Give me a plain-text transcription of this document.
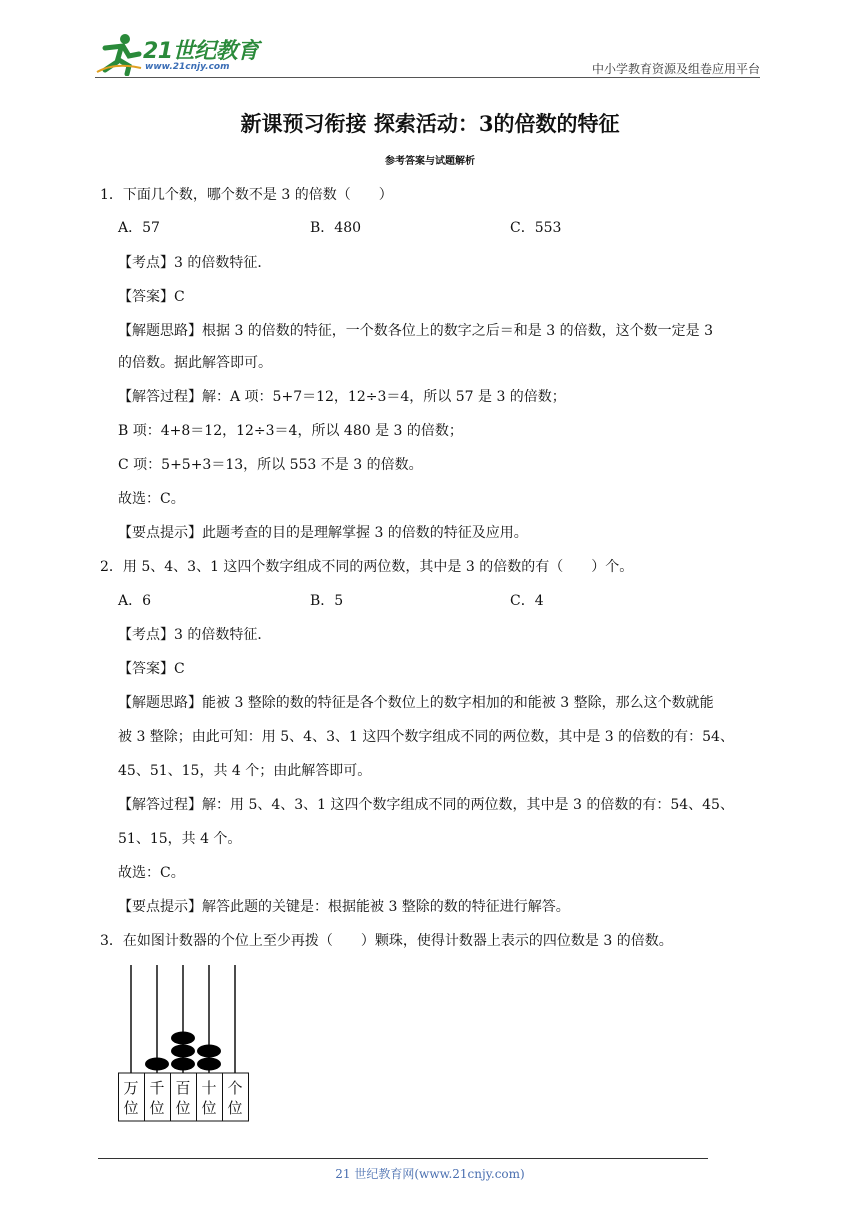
21世纪教育
www.21cnjy.com	中小学教育资源及组卷应用平台
新课预习衔接 探索活动：3的倍数的特征
参考答案与试题解析
1．下面几个数，哪个数不是 3 的倍数（　　）
A．57	B．480	C．553
【考点】3 的倍数特征．
【答案】C
【解题思路】根据 3 的倍数的特征，一个数各位上的数字之后＝和是 3 的倍数，这个数一定是 3
的倍数。据此解答即可。
【解答过程】解：A 项：5+7＝12，12÷3＝4，所以 57 是 3 的倍数；
B 项：4+8＝12，12÷3＝4，所以 480 是 3 的倍数；
C 项：5+5+3＝13，所以 553 不是 3 的倍数。
故选：C。
【要点提示】此题考查的目的是理解掌握 3 的倍数的特征及应用。
2．用 5、4、3、1 这四个数字组成不同的两位数，其中是 3 的倍数的有（　　）个。
A．6	B．5	C．4
【考点】3 的倍数特征．
【答案】C
【解题思路】能被 3 整除的数的特征是各个数位上的数字相加的和能被 3 整除，那么这个数就能
被 3 整除；由此可知：用 5、4、3、1 这四个数字组成不同的两位数，其中是 3 的倍数的有：54、
45、51、15，共 4 个；由此解答即可。
【解答过程】解：用 5、4、3、1 这四个数字组成不同的两位数，其中是 3 的倍数的有：54、45、
51、15，共 4 个。
故选：C。
【要点提示】解答此题的关键是：根据能被 3 整除的数的特征进行解答。
3．在如图计数器的个位上至少再拨（　　）颗珠，使得计数器上表示的四位数是 3 的倍数。
万
位
千
位
百
位
十
位
个
位
21 世纪教育网(www.21cnjy.com)
